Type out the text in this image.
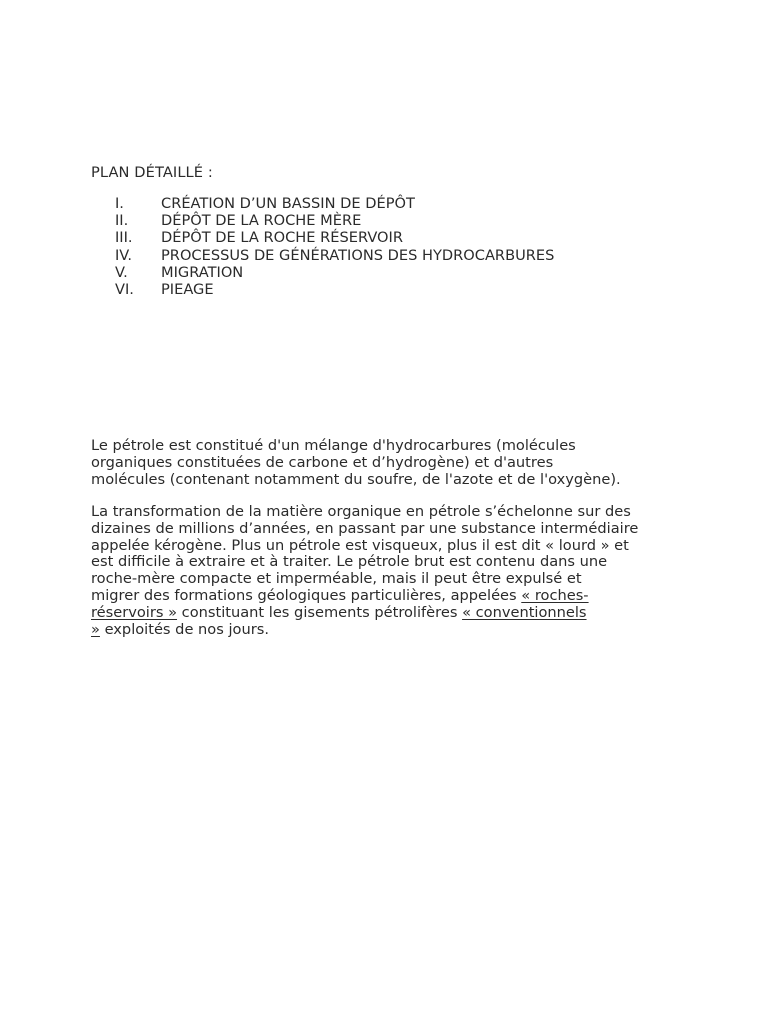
PLAN DÉTAILLÉ :
I.	CRÉATION D’UN BASSIN DE DÉPÔT
II.	DÉPÔT DE LA ROCHE MÈRE
III.	DÉPÔT DE LA ROCHE RÉSERVOIR
IV.	PROCESSUS DE GÉNÉRATIONS DES HYDROCARBURES
V.	MIGRATION
VI.	PIEAGE

Le pétrole est constitué d'un mélange d'hydrocarbures (molécules
organiques constituées de carbone et d’hydrogène) et d'autres
molécules (contenant notamment du soufre, de l'azote et de l'oxygène).

La transformation de la matière organique en pétrole s’échelonne sur des
dizaines de millions d’années, en passant par une substance intermédiaire
appelée kérogène. Plus un pétrole est visqueux, plus il est dit « lourd » et
est difficile à extraire et à traiter. Le pétrole brut est contenu dans une
roche-mère compacte et imperméable, mais il peut être expulsé et
migrer des formations géologiques particulières, appelées « roches-
réservoirs » constituant les gisements pétrolifères « conventionnels
» exploités de nos jours.
